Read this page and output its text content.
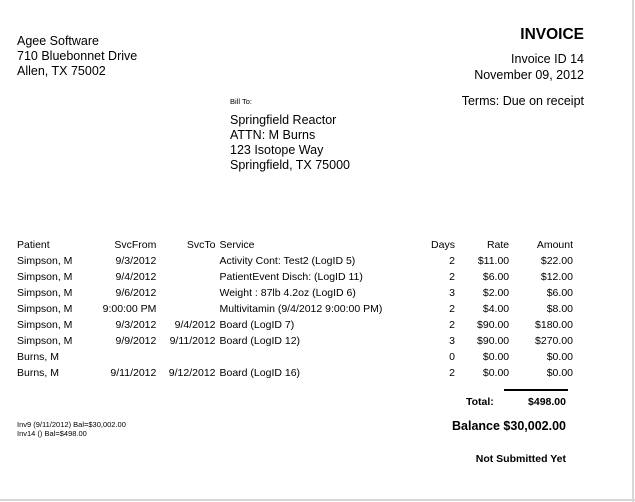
Agee Software
710 Bluebonnet Drive
Allen, TX 75002
INVOICE
Invoice ID 14
November 09, 2012
Terms: Due on receipt
Bill To:
Springfield Reactor
ATTN: M Burns
123 Isotope Way
Springfield, TX 75000
Patient	SvcFrom	SvcTo	Service	Days	Rate	Amount
Simpson, M	9/3/2012		Activity Cont: Test2 (LogID 5)	2	$11.00	$22.00
Simpson, M	9/4/2012		PatientEvent Disch: (LogID 11)	2	$6.00	$12.00
Simpson, M	9/6/2012		Weight : 87lb 4.2oz (LogID 6)	3	$2.00	$6.00
Simpson, M	9:00:00 PM		Multivitamin (9/4/2012 9:00:00 PM)	2	$4.00	$8.00
Simpson, M	9/3/2012	9/4/2012	Board (LogID 7)	2	$90.00	$180.00
Simpson, M	9/9/2012	9/11/2012	Board (LogID 12)	3	$90.00	$270.00
Burns, M				0	$0.00	$0.00
Burns, M	9/11/2012	9/12/2012	Board (LogID 16)	2	$0.00	$0.00
Total:	$498.00
Inv9 (9/11/2012) Bal=$30,002.00
Inv14 () Bal=$498.00
Balance $30,002.00
Not Submitted Yet
